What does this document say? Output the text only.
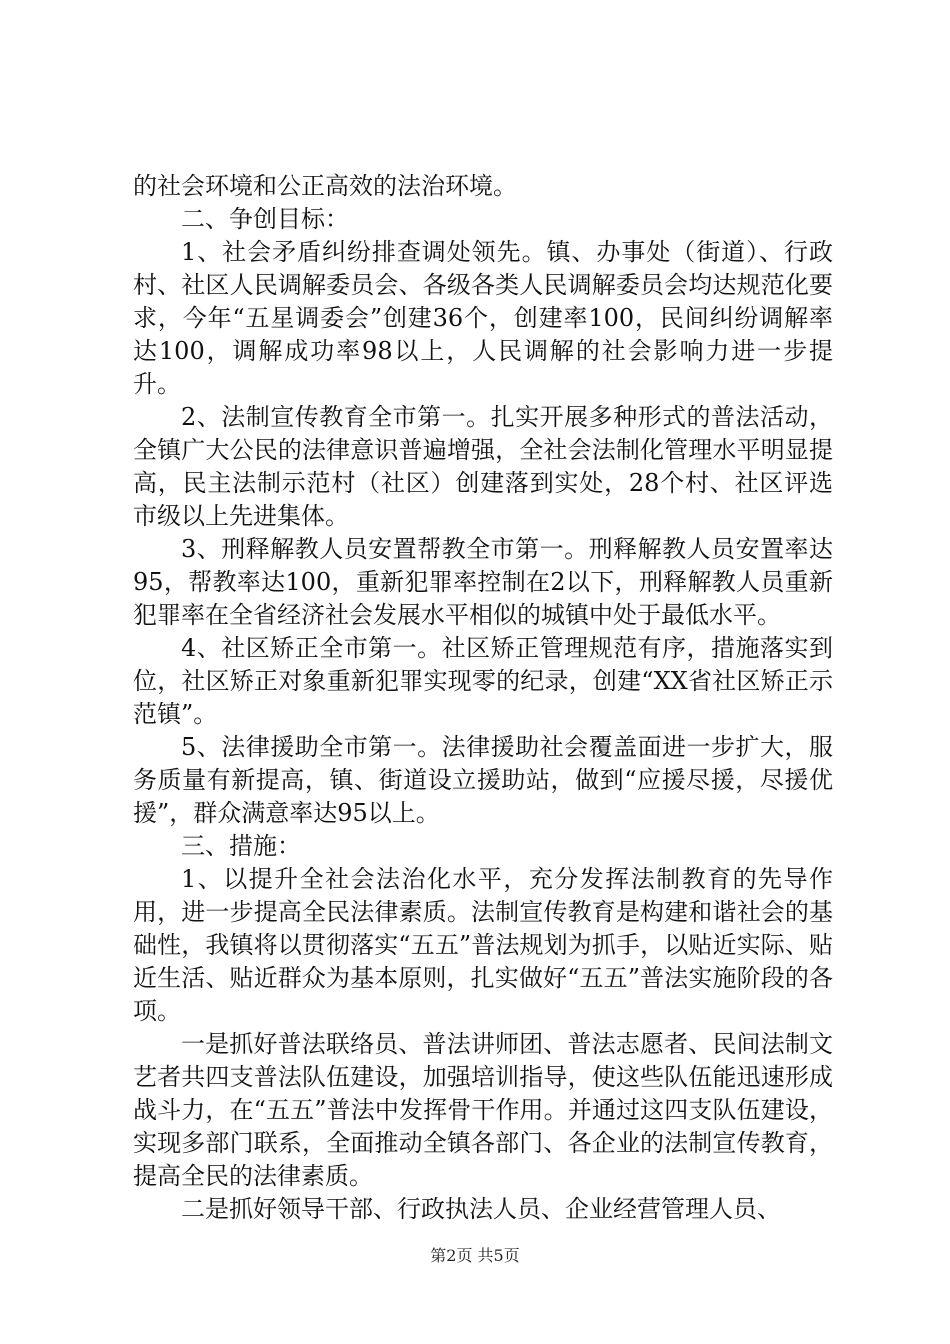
的社会环境和公正高效的法治环境。

二、争创目标：

1、社会矛盾纠纷排查调处领先。镇、办事处（街道）、行政村、社区人民调解委员会、各级各类人民调解委员会均达规范化要求，今年“五星调委会”创建36个，创建率100，民间纠纷调解率达100，调解成功率98以上，人民调解的社会影响力进一步提升。

2、法制宣传教育全市第一。扎实开展多种形式的普法活动，全镇广大公民的法律意识普遍增强，全社会法制化管理水平明显提高，民主法制示范村（社区）创建落到实处，28个村、社区评选市级以上先进集体。

3、刑释解教人员安置帮教全市第一。刑释解教人员安置率达95，帮教率达100，重新犯罪率控制在2以下，刑释解教人员重新犯罪率在全省经济社会发展水平相似的城镇中处于最低水平。

4、社区矫正全市第一。社区矫正管理规范有序，措施落实到位，社区矫正对象重新犯罪实现零的纪录，创建“XX省社区矫正示范镇”。

5、法律援助全市第一。法律援助社会覆盖面进一步扩大，服务质量有新提高，镇、街道设立援助站，做到“应援尽援，尽援优援”，群众满意率达95以上。

三、措施：

1、以提升全社会法治化水平，充分发挥法制教育的先导作用，进一步提高全民法律素质。法制宣传教育是构建和谐社会的基础性，我镇将以贯彻落实“五五”普法规划为抓手，以贴近实际、贴近生活、贴近群众为基本原则，扎实做好“五五”普法实施阶段的各项。

一是抓好普法联络员、普法讲师团、普法志愿者、民间法制文艺者共四支普法队伍建设，加强培训指导，使这些队伍能迅速形成战斗力，在“五五”普法中发挥骨干作用。并通过这四支队伍建设，实现多部门联系，全面推动全镇各部门、各企业的法制宣传教育，提高全民的法律素质。

二是抓好领导干部、行政执法人员、企业经营管理人员、

第2页 共5页
